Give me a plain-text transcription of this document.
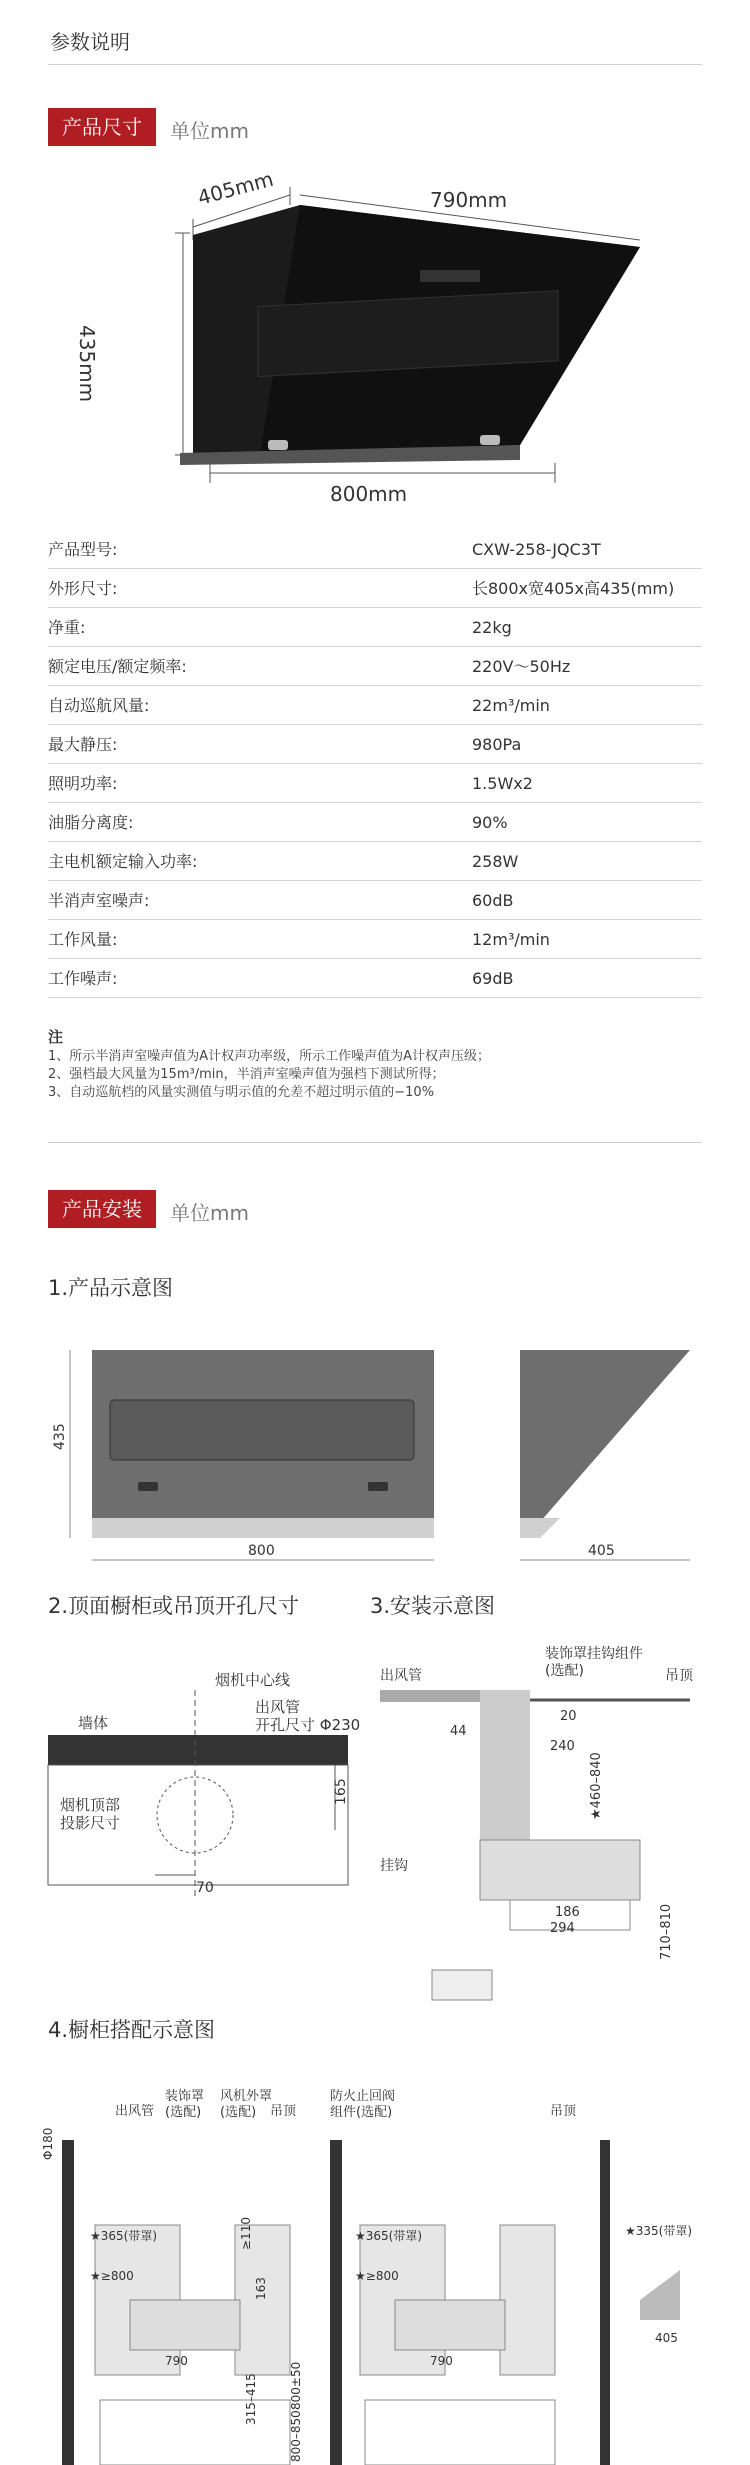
参数说明
产品尺寸	单位mm
405mm	790mm
435mm
800mm
产品型号:	CXW-258-JQC3T
外形尺寸:	长800x宽405x高435(mm)
净重:	22kg
额定电压/额定频率:	220V～50Hz
自动巡航风量:	22m³/min
最大静压:	980Pa
照明功率:	1.5Wx2
油脂分离度:	90%
主电机额定输入功率:	258W
半消声室噪声:	60dB
工作风量:	12m³/min
工作噪声:	69dB
注
1、所示半消声室噪声值为A计权声功率级，所示工作噪声值为A计权声压级；
2、强档最大风量为15m³/min，半消声室噪声值为强档下测试所得；
3、自动巡航档的风量实测值与明示值的允差不超过明示值的−10%
产品安装	单位mm
1.产品示意图
435
800	405
2.顶面橱柜或吊顶开孔尺寸	3.安装示意图
烟机中心线
出风管
开孔尺寸 Φ230
墙体
烟机顶部
投影尺寸
165
70
出风管
装饰罩挂钩组件
(选配)	吊顶
挂钩
20
44
240
★460–840
186
294	710–810
4.橱柜搭配示意图
Φ180
出风管
装饰罩
(选配)
风机外罩
(选配) 吊顶
防火止回阀
组件(选配)	吊顶
★365(带罩)	★365(带罩)	★335(带罩)
★≥800	★≥800
≥110
163
790	790
800±50
315–415
800–850
405
